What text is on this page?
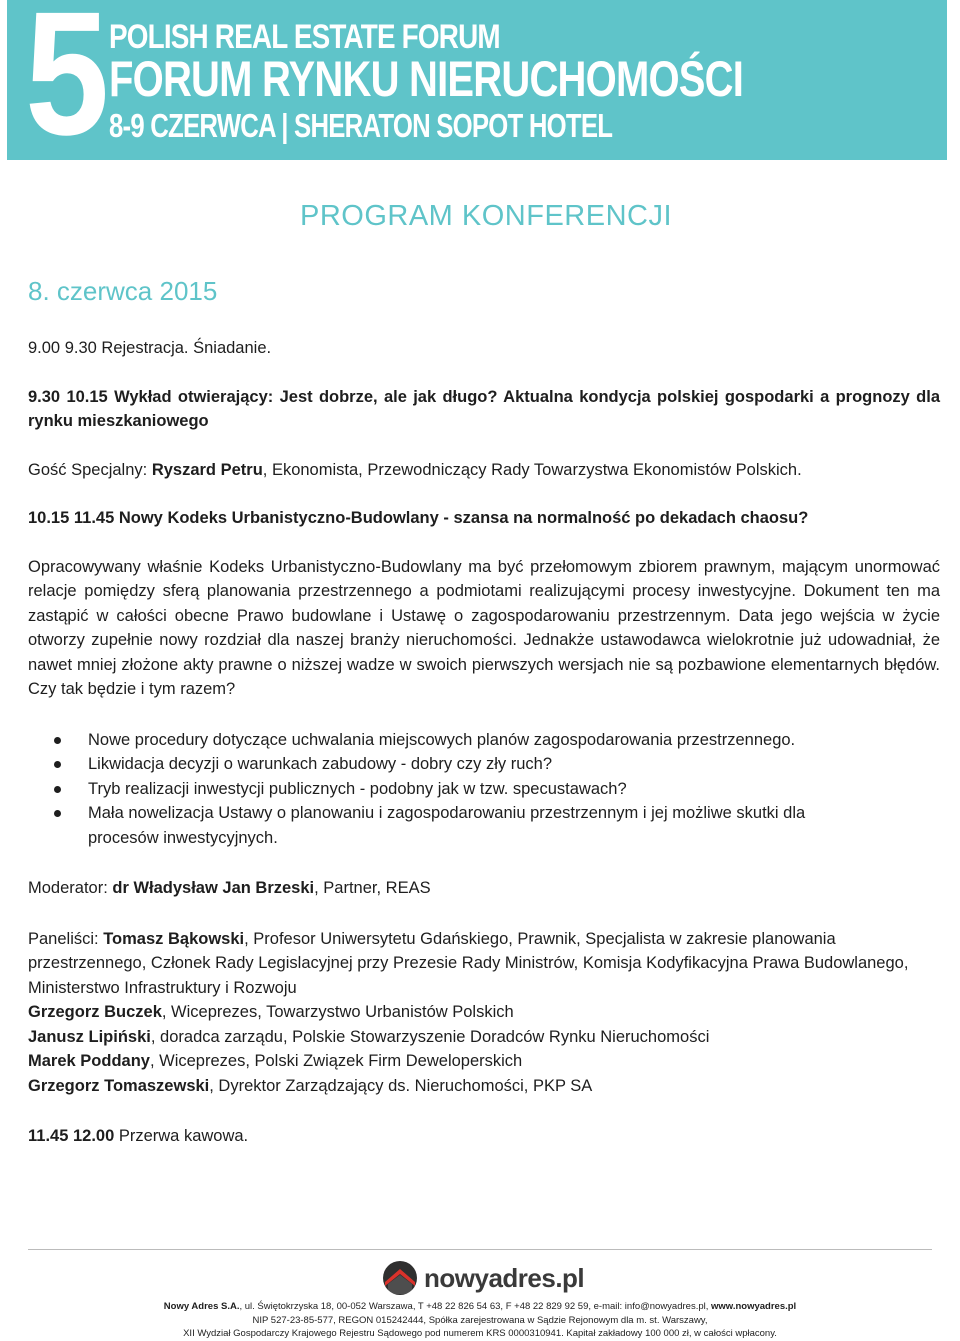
5 POLISH REAL ESTATE FORUM
FORUM RYNKU NIERUCHOMOŚCI
8-9 CZERWCA | SHERATON SOPOT HOTEL
PROGRAM KONFERENCJI
8. czerwca 2015

9.00 9.30 Rejestracja. Śniadanie.

9.30 10.15 Wykład otwierający: Jest dobrze, ale jak długo? Aktualna kondycja polskiej gospodarki a prognozy dla rynku mieszkaniowego

Gość Specjalny: Ryszard Petru, Ekonomista, Przewodniczący Rady Towarzystwa Ekonomistów Polskich.

10.15 11.45 Nowy Kodeks Urbanistyczno-Budowlany - szansa na normalność po dekadach chaosu?

Opracowywany właśnie Kodeks Urbanistyczno-Budowlany ma być przełomowym zbiorem prawnym, mającym unormować relacje pomiędzy sferą planowania przestrzennego a podmiotami realizującymi procesy inwestycyjne. Dokument ten ma zastąpić w całości obecne Prawo budowlane i Ustawę o zagospodarowaniu przestrzennym. Data jego wejścia w życie otworzy zupełnie nowy rozdział dla naszej branży nieruchomości. Jednakże ustawodawca wielokrotnie już udowadniał, że nawet mniej złożone akty prawne o niższej wadze w swoich pierwszych wersjach nie są pozbawione elementarnych błędów. Czy tak będzie i tym razem?

Nowe procedury dotyczące uchwalania miejscowych planów zagospodarowania przestrzennego.
Likwidacja decyzji o warunkach zabudowy - dobry czy zły ruch?
Tryb realizacji inwestycji publicznych - podobny jak w tzw. specustawach?
Mała nowelizacja Ustawy o planowaniu i zagospodarowaniu przestrzennym i jej możliwe skutki dla procesów inwestycyjnych.

Moderator: dr Władysław Jan Brzeski, Partner, REAS

Paneliści: Tomasz Bąkowski, Profesor Uniwersytetu Gdańskiego, Prawnik, Specjalista w zakresie planowania przestrzennego, Członek Rady Legislacyjnej przy Prezesie Rady Ministrów, Komisja Kodyfikacyjna Prawa Budowlanego, Ministerstwo Infrastruktury i Rozwoju

Grzegorz Buczek, Wiceprezes, Towarzystwo Urbanistów Polskich

Janusz Lipiński, doradca zarządu, Polskie Stowarzyszenie Doradców Rynku Nieruchomości

Marek Poddany, Wiceprezes, Polski Związek Firm Deweloperskich

Grzegorz Tomaszewski, Dyrektor Zarządzający ds. Nieruchomości, PKP SA

11.45 12.00 Przerwa kawowa.

nowyadres.pl
Nowy Adres S.A., ul. Świętokrzyska 18, 00-052 Warszawa, T +48 22 826 54 63, F +48 22 829 92 59, e-mail: info@nowyadres.pl, www.nowyadres.pl
NIP 527-23-85-577, REGON 015242444, Spółka zarejestrowana w Sądzie Rejonowym dla m. st. Warszawy,
XII Wydział Gospodarczy Krajowego Rejestru Sądowego pod numerem KRS 0000310941. Kapitał zakładowy 100 000 zł, w całości wpłacony.
